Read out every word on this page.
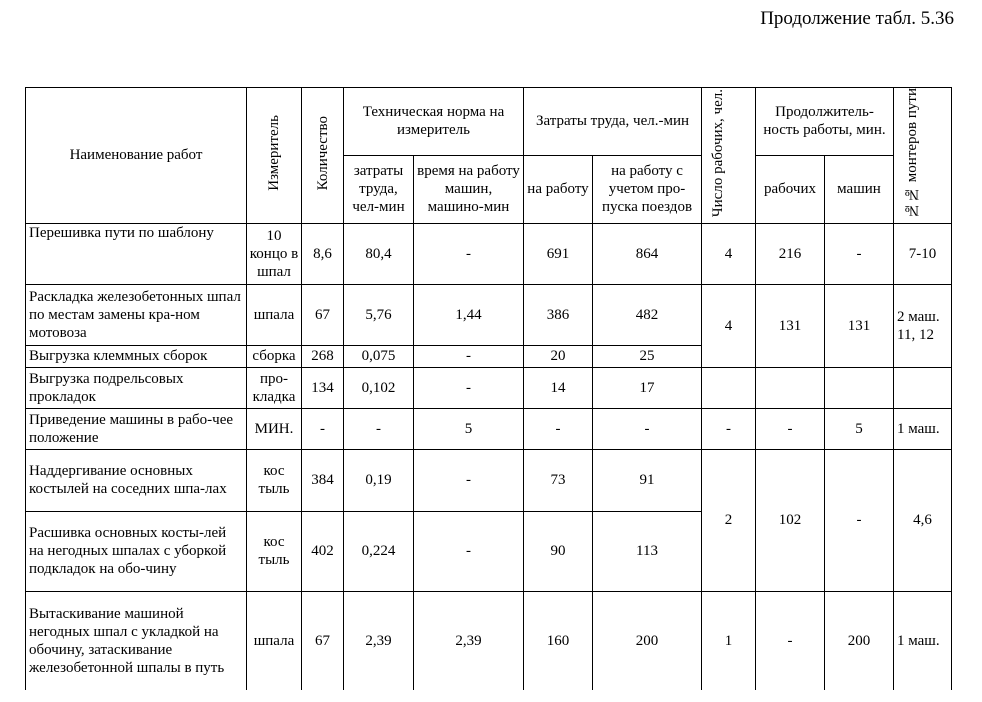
Продолжение табл. 5.36
Наименование работ	Измеритель	Количество	Техническая норма на измеритель		Затраты труда, чел.-мин		Число рабочих, чел.	Продолжитель-ность работы, мин.		№№ монтеров пути
			затраты труда, чел-мин	время на работу машин, машино-мин	на работу	на работу с учетом про-пуска поездов		рабочих	машин	
Перешивка пути по шаблону	10 концо в шпал	8,6	80,4	-	691	864	4	216	-	7-10
Раскладка железобетонных шпал по местам замены кра-ном мотовоза	шпала	67	5,76	1,44	386	482	4	131	131	2 маш. 11, 12
Выгрузка клеммных сборок	сборка	268	0,075	-	20	25				
Выгрузка подрельсовых прокладок	про-кладка	134	0,102	-	14	17				
Приведение машины в рабо-чее положение	МИН.	-	-	5	-	-	-	-	5	1 маш.
Наддергивание основных костылей на соседних шпа-лах	кос тыль	384	0,19	-	73	91	2	102	-	4,6
Расшивка основных косты-лей на негодных шпалах с уборкой подкладок на обо-чину	кос тыль	402	0,224	-	90	113				
Вытаскивание машиной негодных шпал с укладкой на обочину, затаскивание железобетонной шпалы в путь	шпала	67	2,39	2,39	160	200	1	-	200	1 маш.
